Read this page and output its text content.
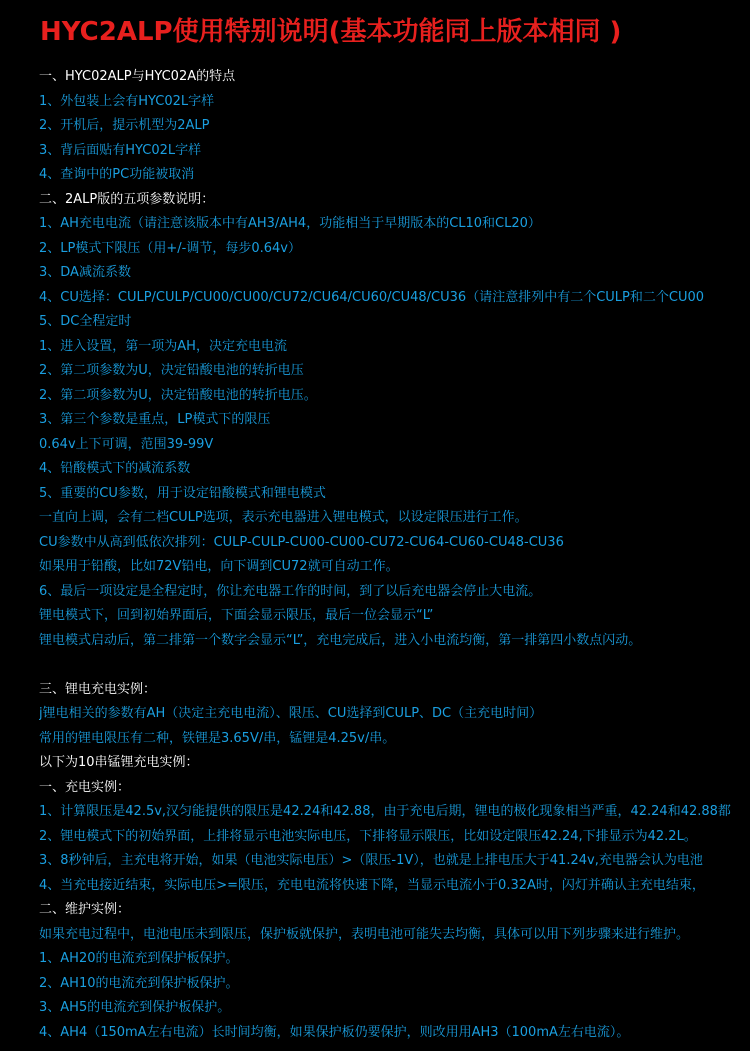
HYC2ALP使用特别说明(基本功能同上版本相同 )
一、HYC02ALP与HYC02A的特点
1、外包装上会有HYC02L字样
2、开机后，提示机型为2ALP
3、背后面贴有HYC02L字样
4、查询中的PC功能被取消
二、2ALP版的五项参数说明：
1、AH充电电流（请注意该版本中有AH3/AH4，功能相当于早期版本的CL10和CL20）
2、LP模式下限压（用+/-调节，每步0.64v）
3、DA减流系数
4、CU选择：CULP/CULP/CU00/CU00/CU72/CU64/CU60/CU48/CU36（请注意排列中有二个CULP和二个CU00
5、DC全程定时
1、进入设置，第一项为AH，决定充电电流
2、第二项参数为U，决定铅酸电池的转折电压
2、第二项参数为U，决定铅酸电池的转折电压。
3、第三个参数是重点，LP模式下的限压
0.64v上下可调，范围39-99V
4、铅酸模式下的减流系数
5、重要的CU参数，用于设定铅酸模式和锂电模式
一直向上调，会有二档CULP选项，表示充电器进入锂电模式，以设定限压进行工作。
CU参数中从高到低依次排列：CULP-CULP-CU00-CU00-CU72-CU64-CU60-CU48-CU36
如果用于铅酸，比如72V铅电，向下调到CU72就可自动工作。
6、最后一项设定是全程定时，你让充电器工作的时间，到了以后充电器会停止大电流。
锂电模式下，回到初始界面后，下面会显示限压，最后一位会显示“L”
锂电模式启动后，第二排第一个数字会显示“L”，充电完成后，进入小电流均衡，第一排第四小数点闪动。
三、锂电充电实例：
j锂电相关的参数有AH（决定主充电电流）、限压、CU选择到CULP、DC（主充电时间）
常用的锂电限压有二种，铁锂是3.65V/串，锰锂是4.25v/串。
以下为10串锰锂充电实例：
一、充电实例：
1、计算限压是42.5v,汉匀能提供的限压是42.24和42.88，由于充电后期，锂电的极化现象相当严重，42.24和42.88都
2、锂电模式下的初始界面，上排将显示电池实际电压，下排将显示限压，比如设定限压42.24,下排显示为42.2L。
3、8秒钟后，主充电将开始，如果（电池实际电压）>（限压-1V），也就是上排电压大于41.24v,充电器会认为电池
4、当充电接近结束，实际电压>=限压，充电电流将快速下降，当显示电流小于0.32A时，闪灯并确认主充电结束，
二、维护实例：
如果充电过程中，电池电压未到限压，保护板就保护，表明电池可能失去均衡，具体可以用下列步骤来进行维护。
1、AH20的电流充到保护板保护。
2、AH10的电流充到保护板保护。
3、AH5的电流充到保护板保护。
4、AH4（150mA左右电流）长时间均衡，如果保护板仍要保护，则改用用AH3（100mA左右电流）。
